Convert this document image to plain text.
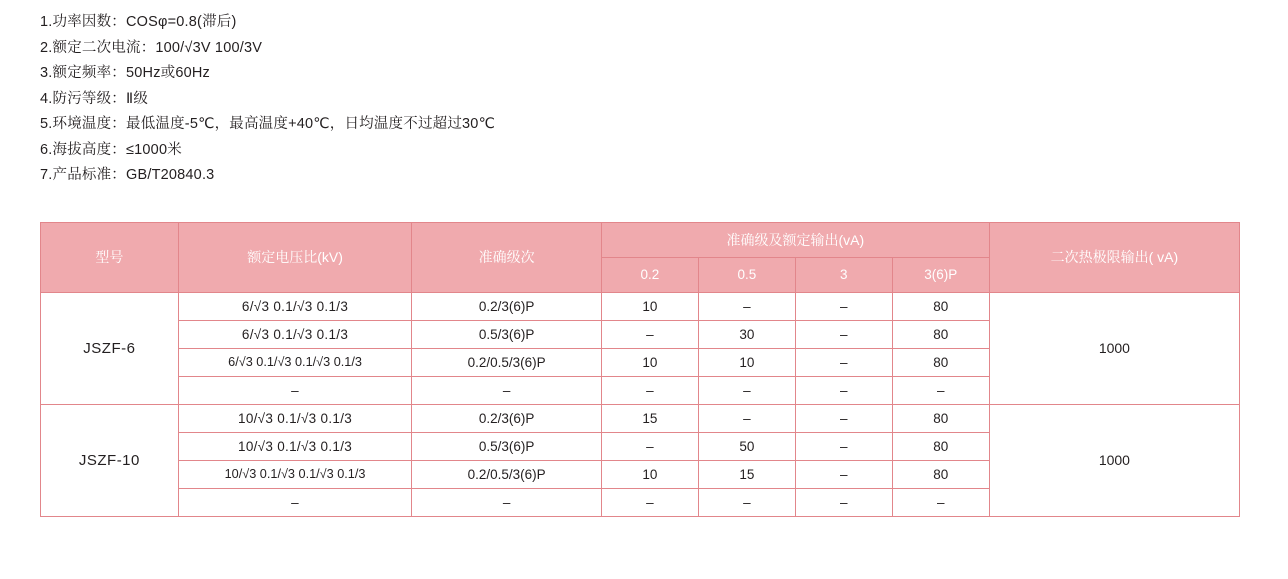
1.功率因数：COSφ=0.8(滞后)
2.额定二次电流：100/√3V 100/3V
3.额定频率：50Hz或60Hz
4.防污等级：Ⅱ级
5.环境温度：最低温度-5℃，最高温度+40℃，日均温度不过超过30℃
6.海拔高度：≤1000米
7.产品标准：GB/T20840.3
型号	额定电压比(kV)	准确级次	准确级及额定输出(vA)				二次热极限输出( vA)
			0.2	0.5	3	3(6)P	
JSZF-6	6/√3 0.1/√3 0.1/3	0.2/3(6)P	10	–	–	80	1000
	6/√3 0.1/√3 0.1/3	0.5/3(6)P	–	30	–	80	
	6/√3 0.1/√3 0.1/√3 0.1/3	0.2/0.5/3(6)P	10	10	–	80	
	–	–	–	–	–	–	
JSZF-10	10/√3 0.1/√3 0.1/3	0.2/3(6)P	15	–	–	80	1000
	10/√3 0.1/√3 0.1/3	0.5/3(6)P	–	50	–	80	
	10/√3 0.1/√3 0.1/√3 0.1/3	0.2/0.5/3(6)P	10	15	–	80	
	–	–	–	–	–	–	
